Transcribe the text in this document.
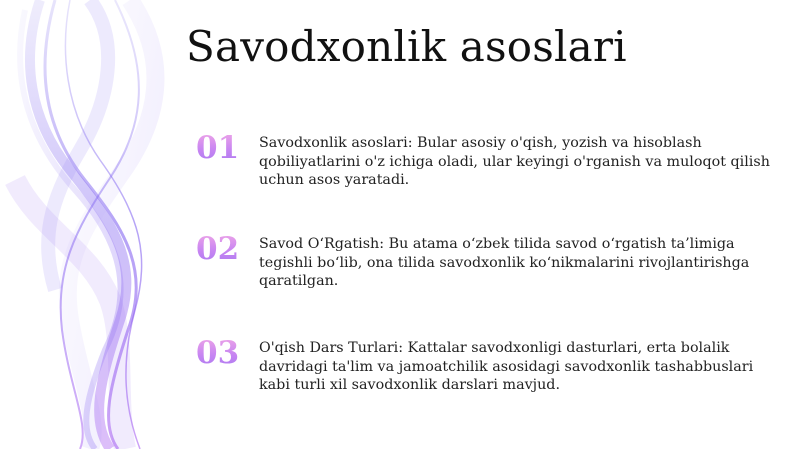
Savodxonlik asoslari
01	Savodxonlik asoslari: Bular asosiy o'qish, yozish va hisoblash qobiliyatlarini o'z ichiga oladi, ular keyingi o'rganish va muloqot qilish uchun asos yaratadi.
02	Savod O‘Rgatish: Bu atama o‘zbek tilida savod o‘rgatish ta’limiga tegishli bo‘lib, ona tilida savodxonlik ko‘nikmalarini rivojlantirishga qaratilgan.
03	O'qish Dars Turlari: Kattalar savodxonligi dasturlari, erta bolalik davridagi ta'lim va jamoatchilik asosidagi savodxonlik tashabbuslari kabi turli xil savodxonlik darslari mavjud.
